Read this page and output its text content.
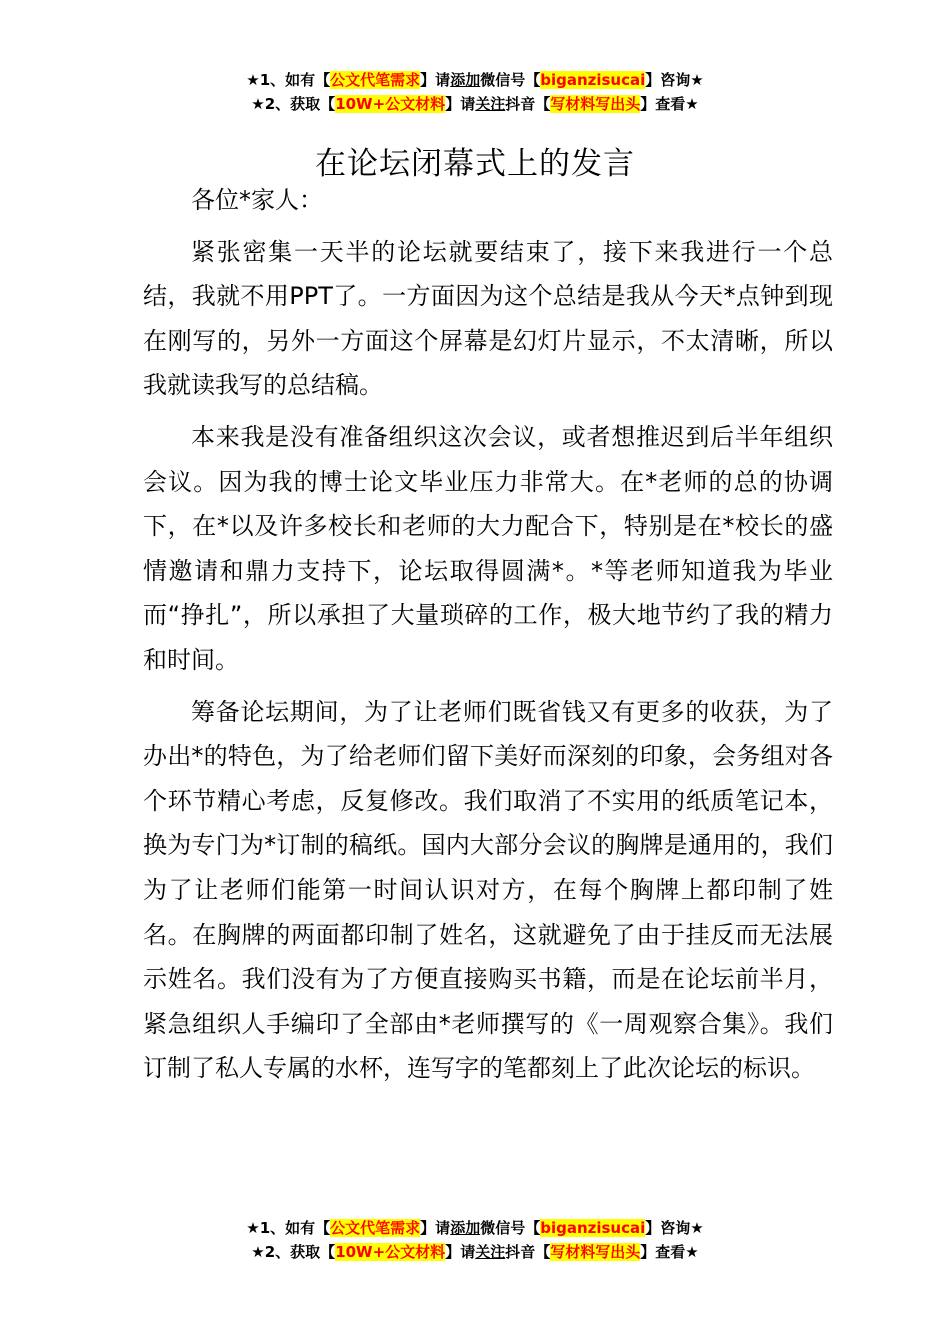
★1、如有【公文代笔需求】请添加微信号【biganzisucai】咨询★
★2、获取【10W+公文材料】请关注抖音【写材料写出头】查看★
在论坛闭幕式上的发言

各位*家人：

紧张密集一天半的论坛就要结束了，接下来我进行一个总结，我就不用PPT了。一方面因为这个总结是我从今天*点钟到现在刚写的，另外一方面这个屏幕是幻灯片显示，不太清晰，所以我就读我写的总结稿。

本来我是没有准备组织这次会议，或者想推迟到后半年组织会议。因为我的博士论文毕业压力非常大。在*老师的总的协调下，在*以及许多校长和老师的大力配合下，特别是在*校长的盛情邀请和鼎力支持下，论坛取得圆满*。*等老师知道我为毕业而“挣扎”，所以承担了大量琐碎的工作，极大地节约了我的精力和时间。

筹备论坛期间，为了让老师们既省钱又有更多的收获，为了办出*的特色，为了给老师们留下美好而深刻的印象，会务组对各个环节精心考虑，反复修改。我们取消了不实用的纸质笔记本，换为专门为*订制的稿纸。国内大部分会议的胸牌是通用的，我们为了让老师们能第一时间认识对方，在每个胸牌上都印制了姓名。在胸牌的两面都印制了姓名，这就避免了由于挂反而无法展示姓名。我们没有为了方便直接购买书籍，而是在论坛前半月，紧急组织人手编印了全部由*老师撰写的《一周观察合集》。我们订制了私人专属的水杯，连写字的笔都刻上了此次论坛的标识。

★1、如有【公文代笔需求】请添加微信号【biganzisucai】咨询★
★2、获取【10W+公文材料】请关注抖音【写材料写出头】查看★
